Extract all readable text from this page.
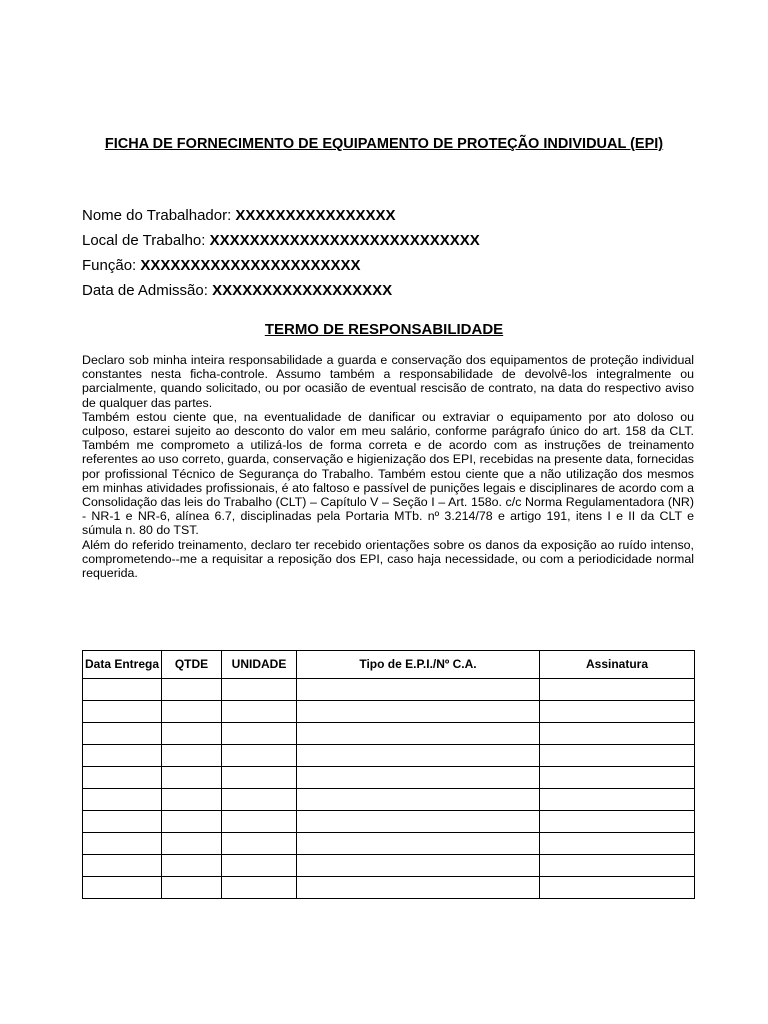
FICHA DE FORNECIMENTO DE EQUIPAMENTO DE PROTEÇÃO INDIVIDUAL (EPI)
Nome do Trabalhador: XXXXXXXXXXXXXXXX
Local de Trabalho: XXXXXXXXXXXXXXXXXXXXXXXXXXX
Função: XXXXXXXXXXXXXXXXXXXXXX
Data de Admissão: XXXXXXXXXXXXXXXXXX
TERMO DE RESPONSABILIDADE

Declaro sob minha inteira responsabilidade a guarda e conservação dos equipamentos de proteção individual constantes nesta ficha-controle. Assumo também a responsabilidade de devolvê-los integralmente ou parcialmente, quando solicitado, ou por ocasião de eventual rescisão de contrato, na data do respectivo aviso de qualquer das partes.

Também estou ciente que, na eventualidade de danificar ou extraviar o equipamento por ato doloso ou culposo, estarei sujeito ao desconto do valor em meu salário, conforme parágrafo único do art. 158 da CLT. Também me comprometo a utilizá-los de forma correta e de acordo com as instruções de treinamento referentes ao uso correto, guarda, conservação e higienização dos EPI, recebidas na presente data, fornecidas por profissional Técnico de Segurança do Trabalho. Também estou ciente que a não utilização dos mesmos em minhas atividades profissionais, é ato faltoso e passível de punições legais e disciplinares de acordo com a Consolidação das leis do Trabalho (CLT) – Capítulo V – Seção I – Art. 158o. c/c Norma Regulamentadora (NR) - NR-1 e NR-6, alínea 6.7, disciplinadas pela Portaria MTb. nº 3.214/78 e artigo 191, itens I e II da CLT e súmula n. 80 do TST.

Além do referido treinamento, declaro ter recebido orientações sobre os danos da exposição ao ruído intenso, comprometendo--me a requisitar a reposição dos EPI, caso haja necessidade, ou com a periodicidade normal requerida.

Data Entrega	QTDE	UNIDADE	Tipo de E.P.I./Nº C.A.	Assinatura
